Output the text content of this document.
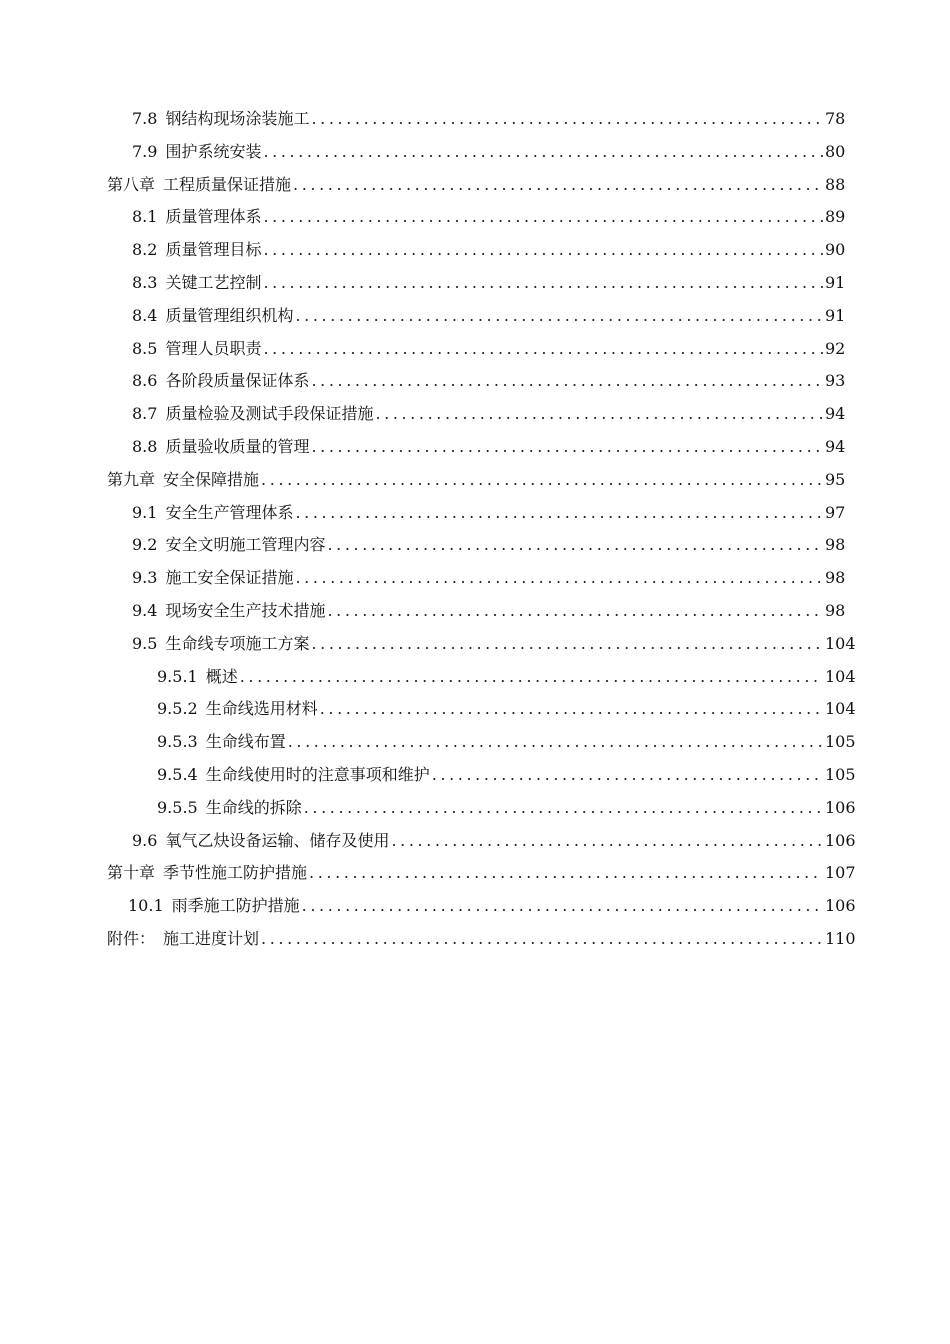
7.8 钢结构现场涂装施工 .....	78
7.9 围护系统安装 .....	80
第八章 工程质量保证措施 .....	88
8.1 质量管理体系 .....	89
8.2 质量管理目标 .....	90
8.3 关键工艺控制 .....	91
8.4 质量管理组织机构 .....	91
8.5 管理人员职责 .....	92
8.6 各阶段质量保证体系 .....	93
8.7 质量检验及测试手段保证措施 .....	94
8.8 质量验收质量的管理 .....	94
第九章 安全保障措施 .....	95
9.1 安全生产管理体系 .....	97
9.2 安全文明施工管理内容 .....	98
9.3 施工安全保证措施 .....	98
9.4 现场安全生产技术措施 .....	98
9.5 生命线专项施工方案 .....	104
9.5.1 概述 .....	104
9.5.2 生命线选用材料 .....	104
9.5.3 生命线布置 .....	105
9.5.4 生命线使用时的注意事项和维护 .....	105
9.5.5 生命线的拆除 .....	106
9.6 氧气乙炔设备运输、储存及使用 .....	106
第十章 季节性施工防护措施 .....	107
10.1 雨季施工防护措施 .....	106
附件： 施工进度计划 .....	110
